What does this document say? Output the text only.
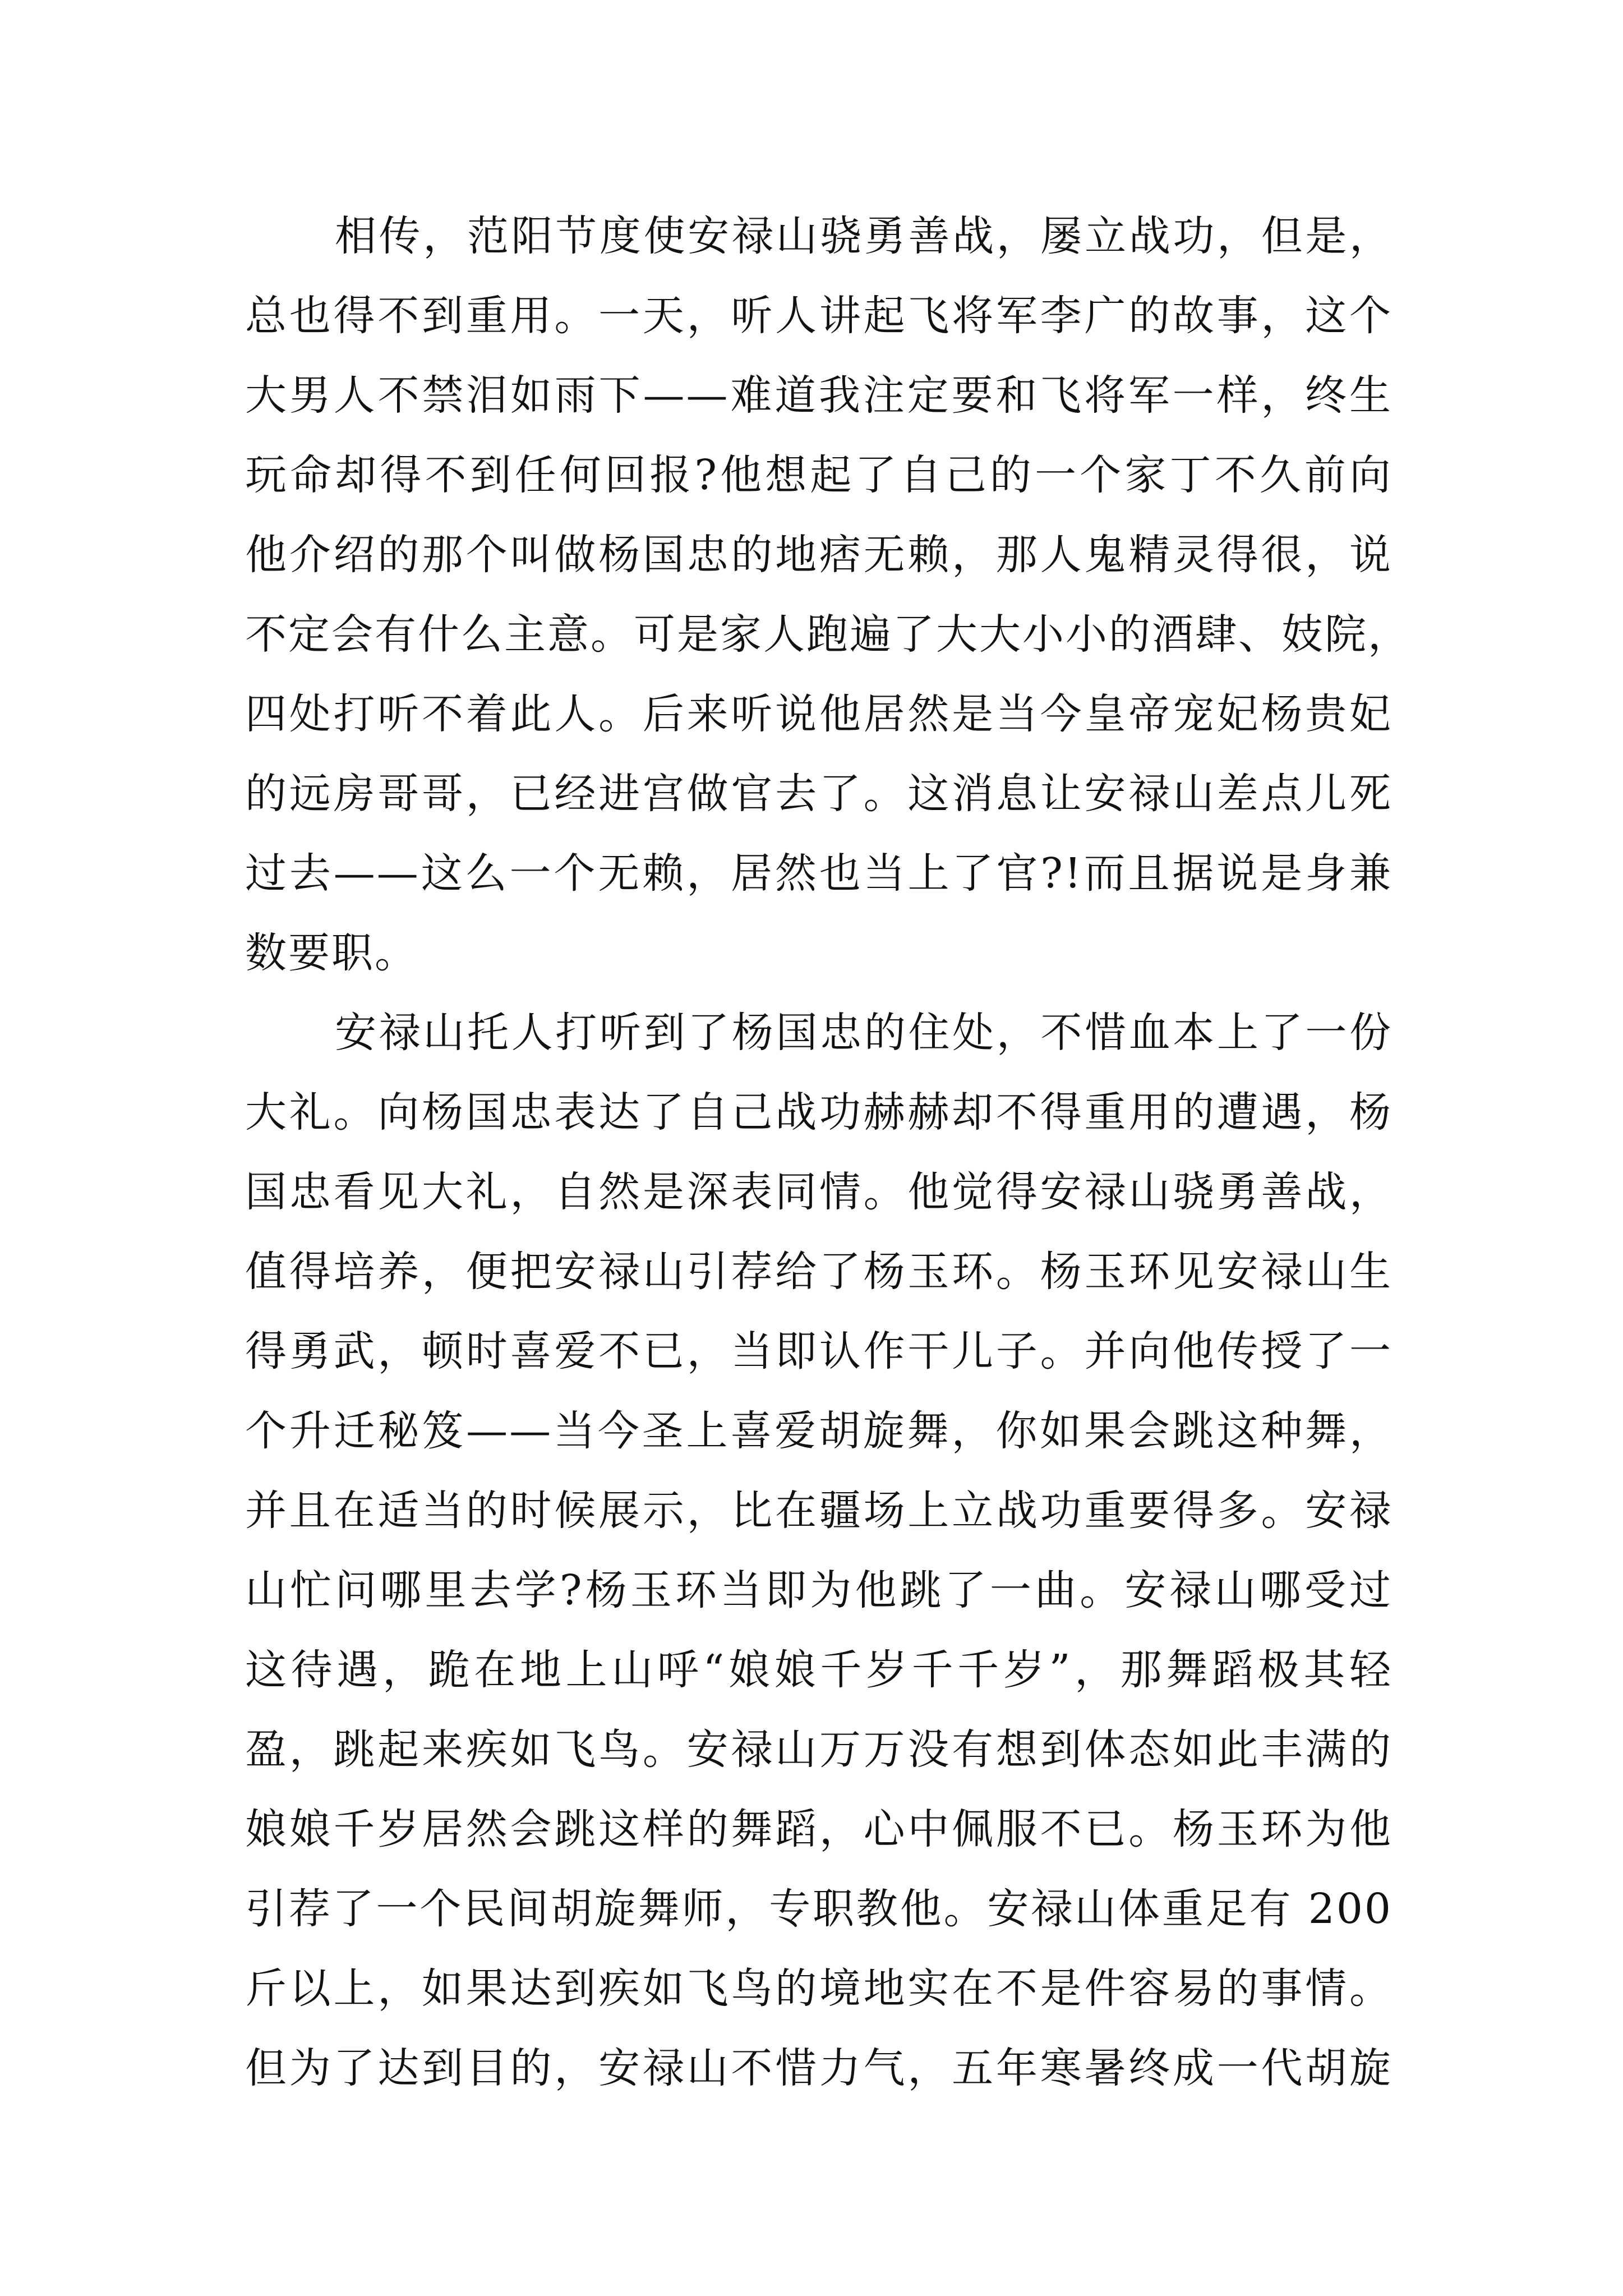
相传，范阳节度使安禄山骁勇善战，屡立战功，但是，
总也得不到重用。一天，听人讲起飞将军李广的故事，这个
大男人不禁泪如雨下——难道我注定要和飞将军一样，终生
玩命却得不到任何回报?他想起了自己的一个家丁不久前向
他介绍的那个叫做杨国忠的地痞无赖，那人鬼精灵得很，说
不定会有什么主意。可是家人跑遍了大大小小的酒肆、妓院，
四处打听不着此人。后来听说他居然是当今皇帝宠妃杨贵妃
的远房哥哥，已经进宫做官去了。这消息让安禄山差点儿死
过去——这么一个无赖，居然也当上了官?!而且据说是身兼
数要职。
安禄山托人打听到了杨国忠的住处，不惜血本上了一份
大礼。向杨国忠表达了自己战功赫赫却不得重用的遭遇，杨
国忠看见大礼，自然是深表同情。他觉得安禄山骁勇善战，
值得培养，便把安禄山引荐给了杨玉环。杨玉环见安禄山生
得勇武，顿时喜爱不已，当即认作干儿子。并向他传授了一
个升迁秘笈——当今圣上喜爱胡旋舞，你如果会跳这种舞，
并且在适当的时候展示，比在疆场上立战功重要得多。安禄
山忙问哪里去学?杨玉环当即为他跳了一曲。安禄山哪受过
这待遇，跪在地上山呼“娘娘千岁千千岁”，那舞蹈极其轻
盈，跳起来疾如飞鸟。安禄山万万没有想到体态如此丰满的
娘娘千岁居然会跳这样的舞蹈，心中佩服不已。杨玉环为他
引荐了一个民间胡旋舞师，专职教他。安禄山体重足有 200
斤以上，如果达到疾如飞鸟的境地实在不是件容易的事情。
但为了达到目的，安禄山不惜力气，五年寒暑终成一代胡旋
